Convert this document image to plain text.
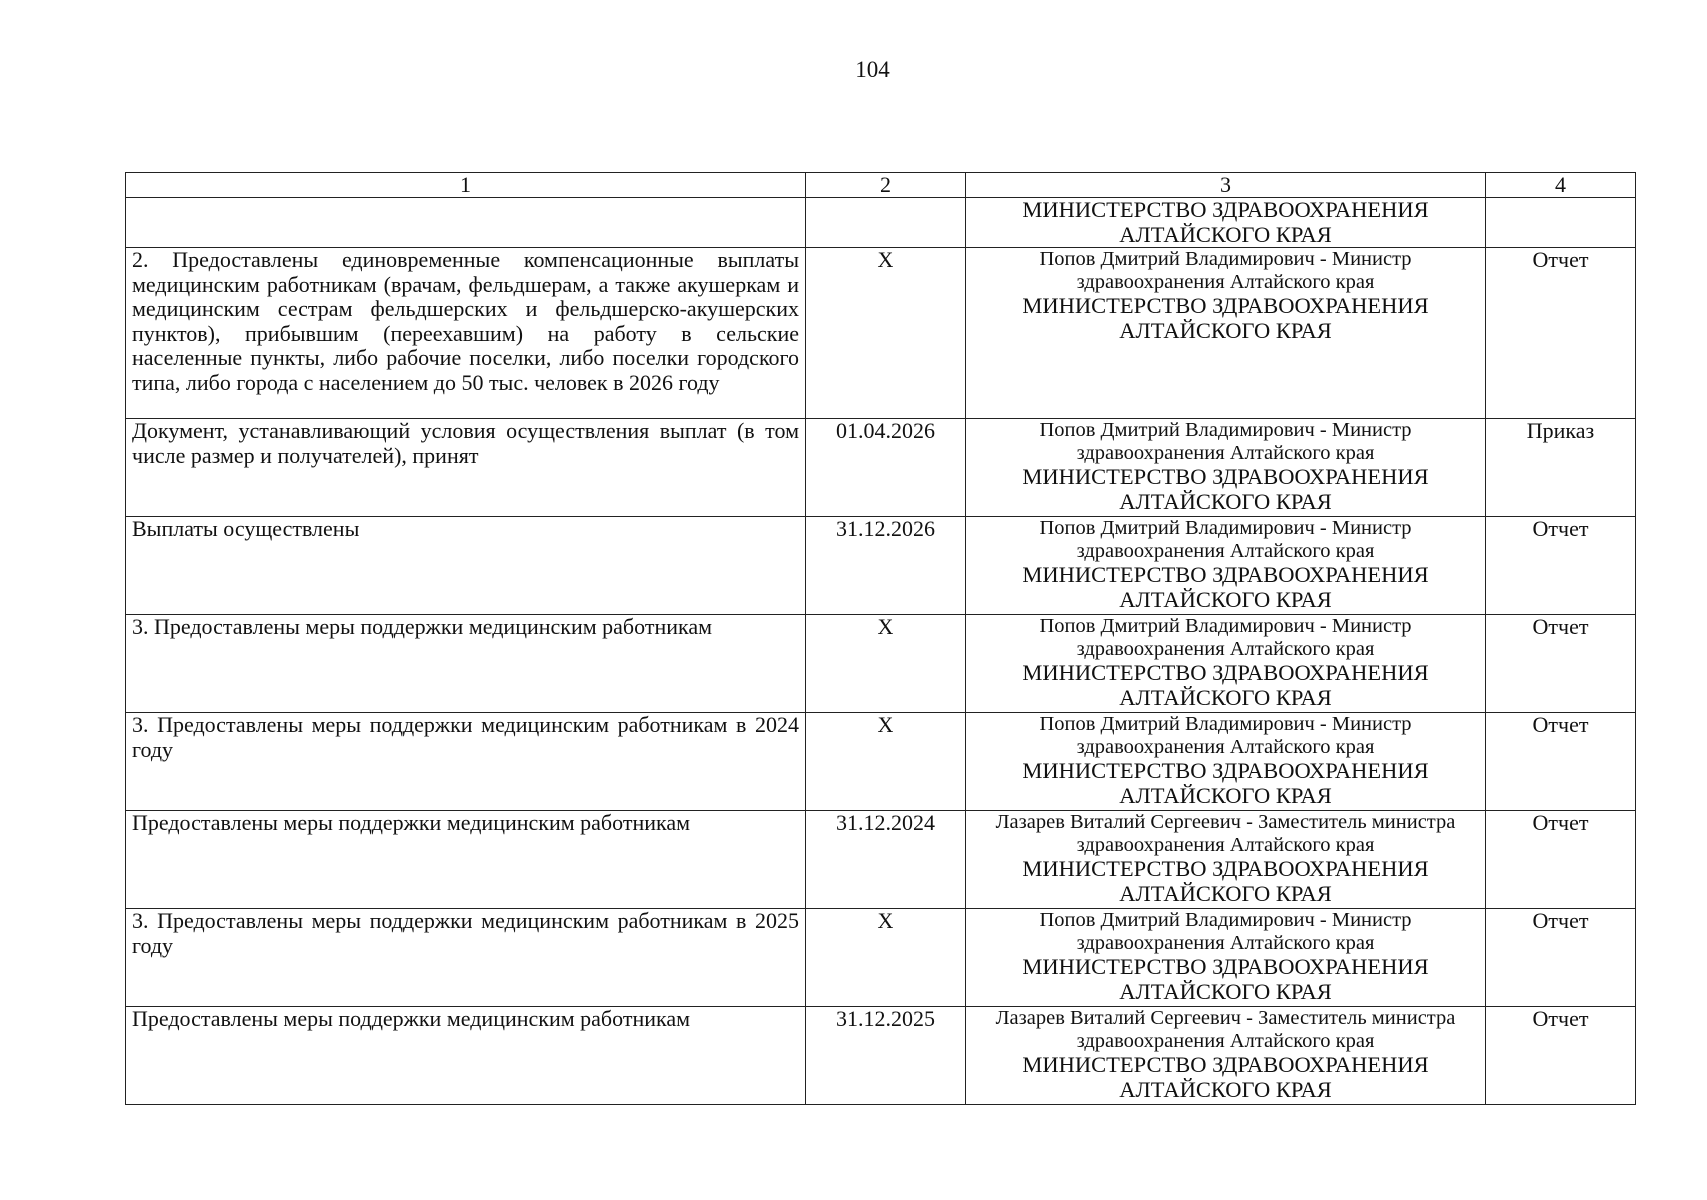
104
1	2	3	4

		МИНИСТЕРСТВО ЗДРАВООХРАНЕНИЯ АЛТАЙСКОГО КРАЯ	

2. Предоставлены единовременные компенсационные выплаты медицинским работникам (врачам, фельдшерам, а также акушеркам и медицинским сестрам фельдшерских и фельдшерско-акушерских пунктов), прибывшим (переехавшим) на работу в сельские населенные пункты, либо рабочие поселки, либо поселки городского типа, либо города с населением до 50 тыс. человек в 2026 году	X	Попов Дмитрий Владимирович - Министр здравоохранения Алтайского края
МИНИСТЕРСТВО ЗДРАВООХРАНЕНИЯ АЛТАЙСКОГО КРАЯ	Отчет
Документ, устанавливающий условия осуществления выплат (в том числе размер и получателей), принят	01.04.2026	Попов Дмитрий Владимирович - Министр здравоохранения Алтайского края
МИНИСТЕРСТВО ЗДРАВООХРАНЕНИЯ АЛТАЙСКОГО КРАЯ	Приказ
Выплаты осуществлены	31.12.2026	Попов Дмитрий Владимирович - Министр здравоохранения Алтайского края
МИНИСТЕРСТВО ЗДРАВООХРАНЕНИЯ АЛТАЙСКОГО КРАЯ	Отчет
3. Предоставлены меры поддержки медицинским работникам	X	Попов Дмитрий Владимирович - Министр здравоохранения Алтайского края
МИНИСТЕРСТВО ЗДРАВООХРАНЕНИЯ АЛТАЙСКОГО КРАЯ	Отчет
3. Предоставлены меры поддержки медицинским работникам в 2024 году	X	Попов Дмитрий Владимирович - Министр здравоохранения Алтайского края
МИНИСТЕРСТВО ЗДРАВООХРАНЕНИЯ АЛТАЙСКОГО КРАЯ	Отчет
Предоставлены меры поддержки медицинским работникам	31.12.2024	Лазарев Виталий Сергеевич - Заместитель министра здравоохранения Алтайского края
МИНИСТЕРСТВО ЗДРАВООХРАНЕНИЯ АЛТАЙСКОГО КРАЯ	Отчет
3. Предоставлены меры поддержки медицинским работникам в 2025 году	X	Попов Дмитрий Владимирович - Министр здравоохранения Алтайского края
МИНИСТЕРСТВО ЗДРАВООХРАНЕНИЯ АЛТАЙСКОГО КРАЯ	Отчет
Предоставлены меры поддержки медицинским работникам	31.12.2025	Лазарев Виталий Сергеевич - Заместитель министра здравоохранения Алтайского края
МИНИСТЕРСТВО ЗДРАВООХРАНЕНИЯ АЛТАЙСКОГО КРАЯ	Отчет
